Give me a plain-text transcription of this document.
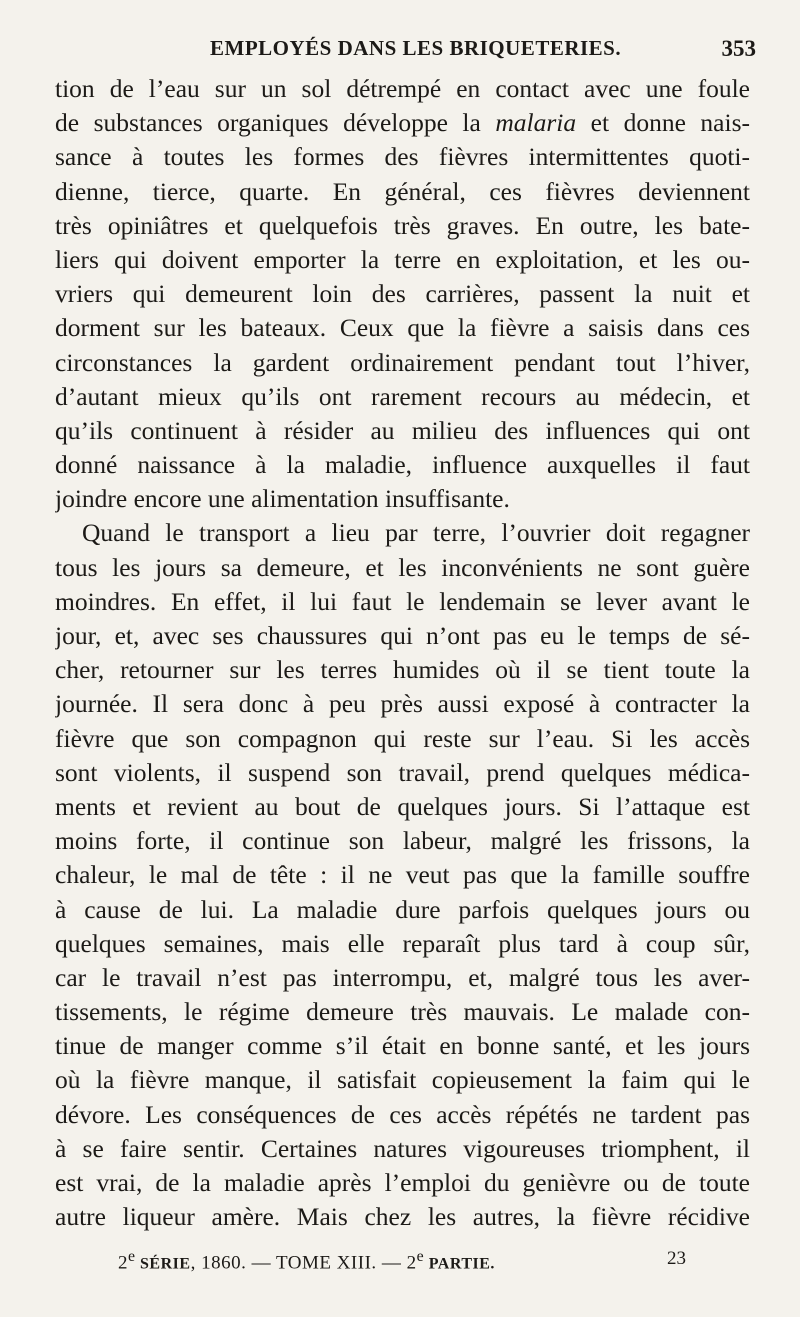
EMPLOYÉS DANS LES BRIQUETERIES.	353
tion de l’eau sur un sol détrempé en contact avec une foule
de substances organiques développe la malaria et donne nais-
sance à toutes les formes des fièvres intermittentes quoti-
dienne, tierce, quarte. En général, ces fièvres deviennent
très opiniâtres et quelquefois très graves. En outre, les bate-
liers qui doivent emporter la terre en exploitation, et les ou-
vriers qui demeurent loin des carrières, passent la nuit et
dorment sur les bateaux. Ceux que la fièvre a saisis dans ces
circonstances la gardent ordinairement pendant tout l’hiver,
d’autant mieux qu’ils ont rarement recours au médecin, et
qu’ils continuent à résider au milieu des influences qui ont
donné naissance à la maladie, influence auxquelles il faut
joindre encore une alimentation insuffisante.
Quand le transport a lieu par terre, l’ouvrier doit regagner
tous les jours sa demeure, et les inconvénients ne sont guère
moindres. En effet, il lui faut le lendemain se lever avant le
jour, et, avec ses chaussures qui n’ont pas eu le temps de sé-
cher, retourner sur les terres humides où il se tient toute la
journée. Il sera donc à peu près aussi exposé à contracter la
fièvre que son compagnon qui reste sur l’eau. Si les accès
sont violents, il suspend son travail, prend quelques médica-
ments et revient au bout de quelques jours. Si l’attaque est
moins forte, il continue son labeur, malgré les frissons, la
chaleur, le mal de tête : il ne veut pas que la famille souffre
à cause de lui. La maladie dure parfois quelques jours ou
quelques semaines, mais elle reparaît plus tard à coup sûr,
car le travail n’est pas interrompu, et, malgré tous les aver-
tissements, le régime demeure très mauvais. Le malade con-
tinue de manger comme s’il était en bonne santé, et les jours
où la fièvre manque, il satisfait copieusement la faim qui le
dévore. Les conséquences de ces accès répétés ne tardent pas
à se faire sentir. Certaines natures vigoureuses triomphent, il
est vrai, de la maladie après l’emploi du genièvre ou de toute
autre liqueur amère. Mais chez les autres, la fièvre récidive
2e SÉRIE, 1860. — TOME XIII. — 2e PARTIE.	23
